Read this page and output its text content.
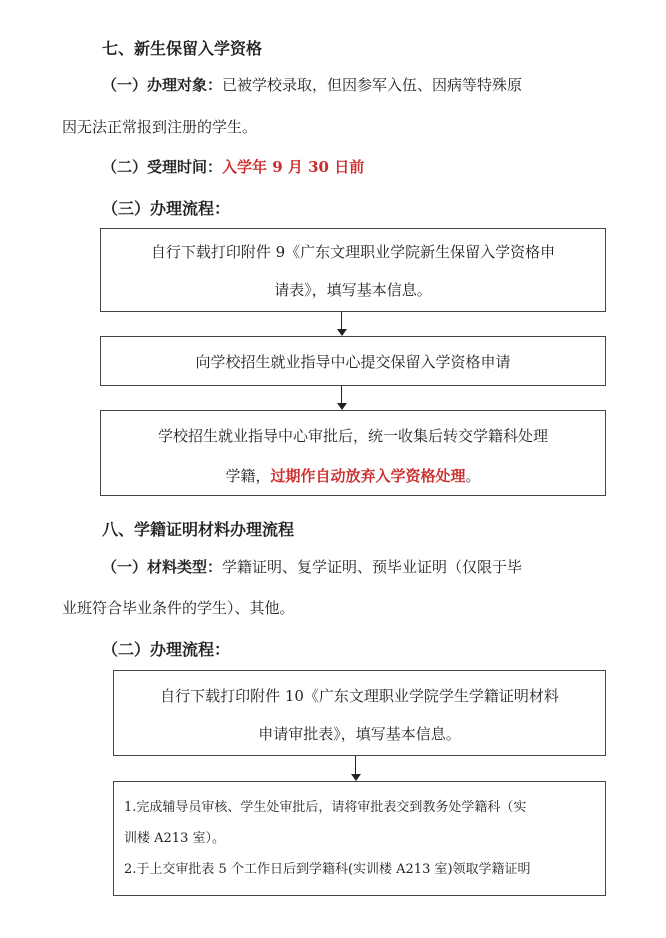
七、新生保留入学资格
（一）办理对象：已被学校录取，但因参军入伍、因病等特殊原
因无法正常报到注册的学生。
（二）受理时间：入学年 9 月 30 日前
（三）办理流程：
自行下载打印附件 9《广东文理职业学院新生保留入学资格申
请表》，填写基本信息。
向学校招生就业指导中心提交保留入学资格申请
学校招生就业指导中心审批后，统一收集后转交学籍科处理
学籍，过期作自动放弃入学资格处理。
八、学籍证明材料办理流程
（一）材料类型：学籍证明、复学证明、预毕业证明（仅限于毕
业班符合毕业条件的学生）、其他。
（二）办理流程：
自行下载打印附件 10《广东文理职业学院学生学籍证明材料
申请审批表》，填写基本信息。
1.完成辅导员审核、学生处审批后，请将审批表交到教务处学籍科（实
训楼 A213 室）。
2.于上交审批表 5 个工作日后到学籍科(实训楼 A213 室)领取学籍证明
